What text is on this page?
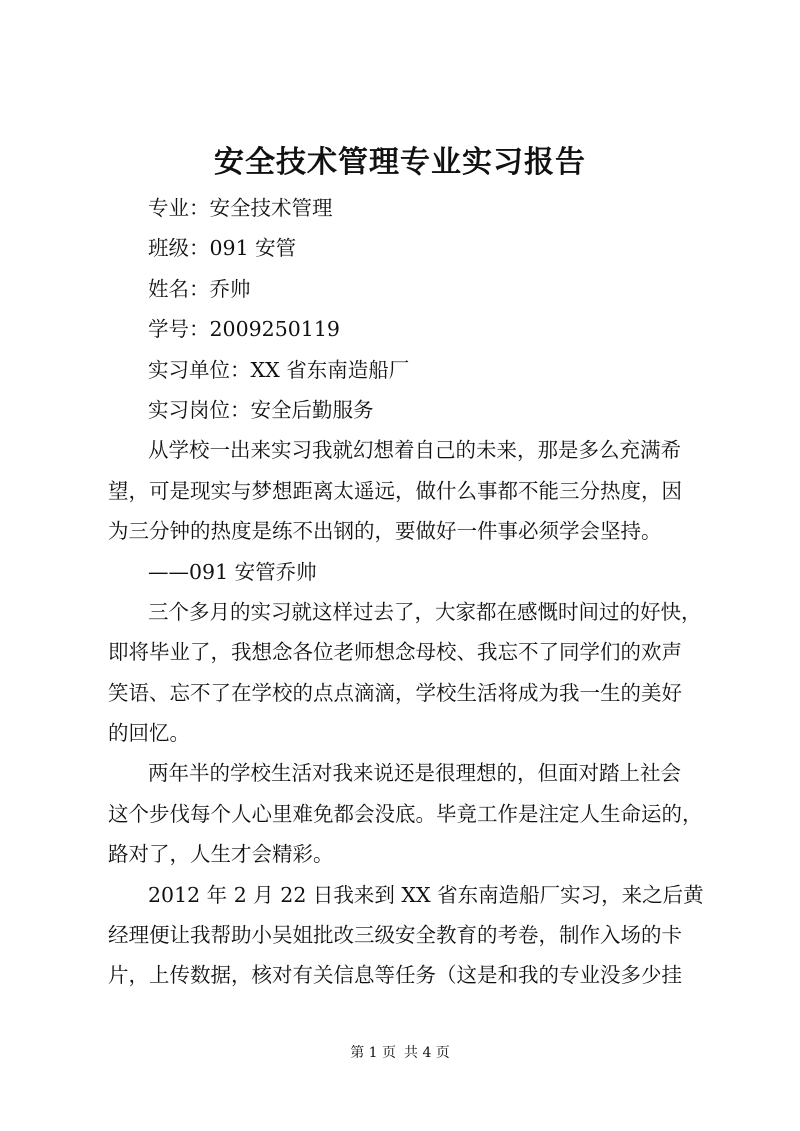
安全技术管理专业实习报告
专业：安全技术管理
班级：091 安管
姓名：乔帅
学号：2009250119
实习单位：XX 省东南造船厂
实习岗位：安全后勤服务
从学校一出来实习我就幻想着自己的未来，那是多么充满希
望，可是现实与梦想距离太遥远，做什么事都不能三分热度，因
为三分钟的热度是练不出钢的，要做好一件事必须学会坚持。
——091 安管乔帅
三个多月的实习就这样过去了，大家都在感慨时间过的好快，
即将毕业了，我想念各位老师想念母校、我忘不了同学们的欢声
笑语、忘不了在学校的点点滴滴，学校生活将成为我一生的美好
的回忆。
两年半的学校生活对我来说还是很理想的，但面对踏上社会
这个步伐每个人心里难免都会没底。毕竟工作是注定人生命运的，
路对了，人生才会精彩。
2012 年 2 月 22 日我来到 XX 省东南造船厂实习，来之后黄
经理便让我帮助小吴姐批改三级安全教育的考卷，制作入场的卡
片，上传数据，核对有关信息等任务（这是和我的专业没多少挂
第 1 页 共 4 页
